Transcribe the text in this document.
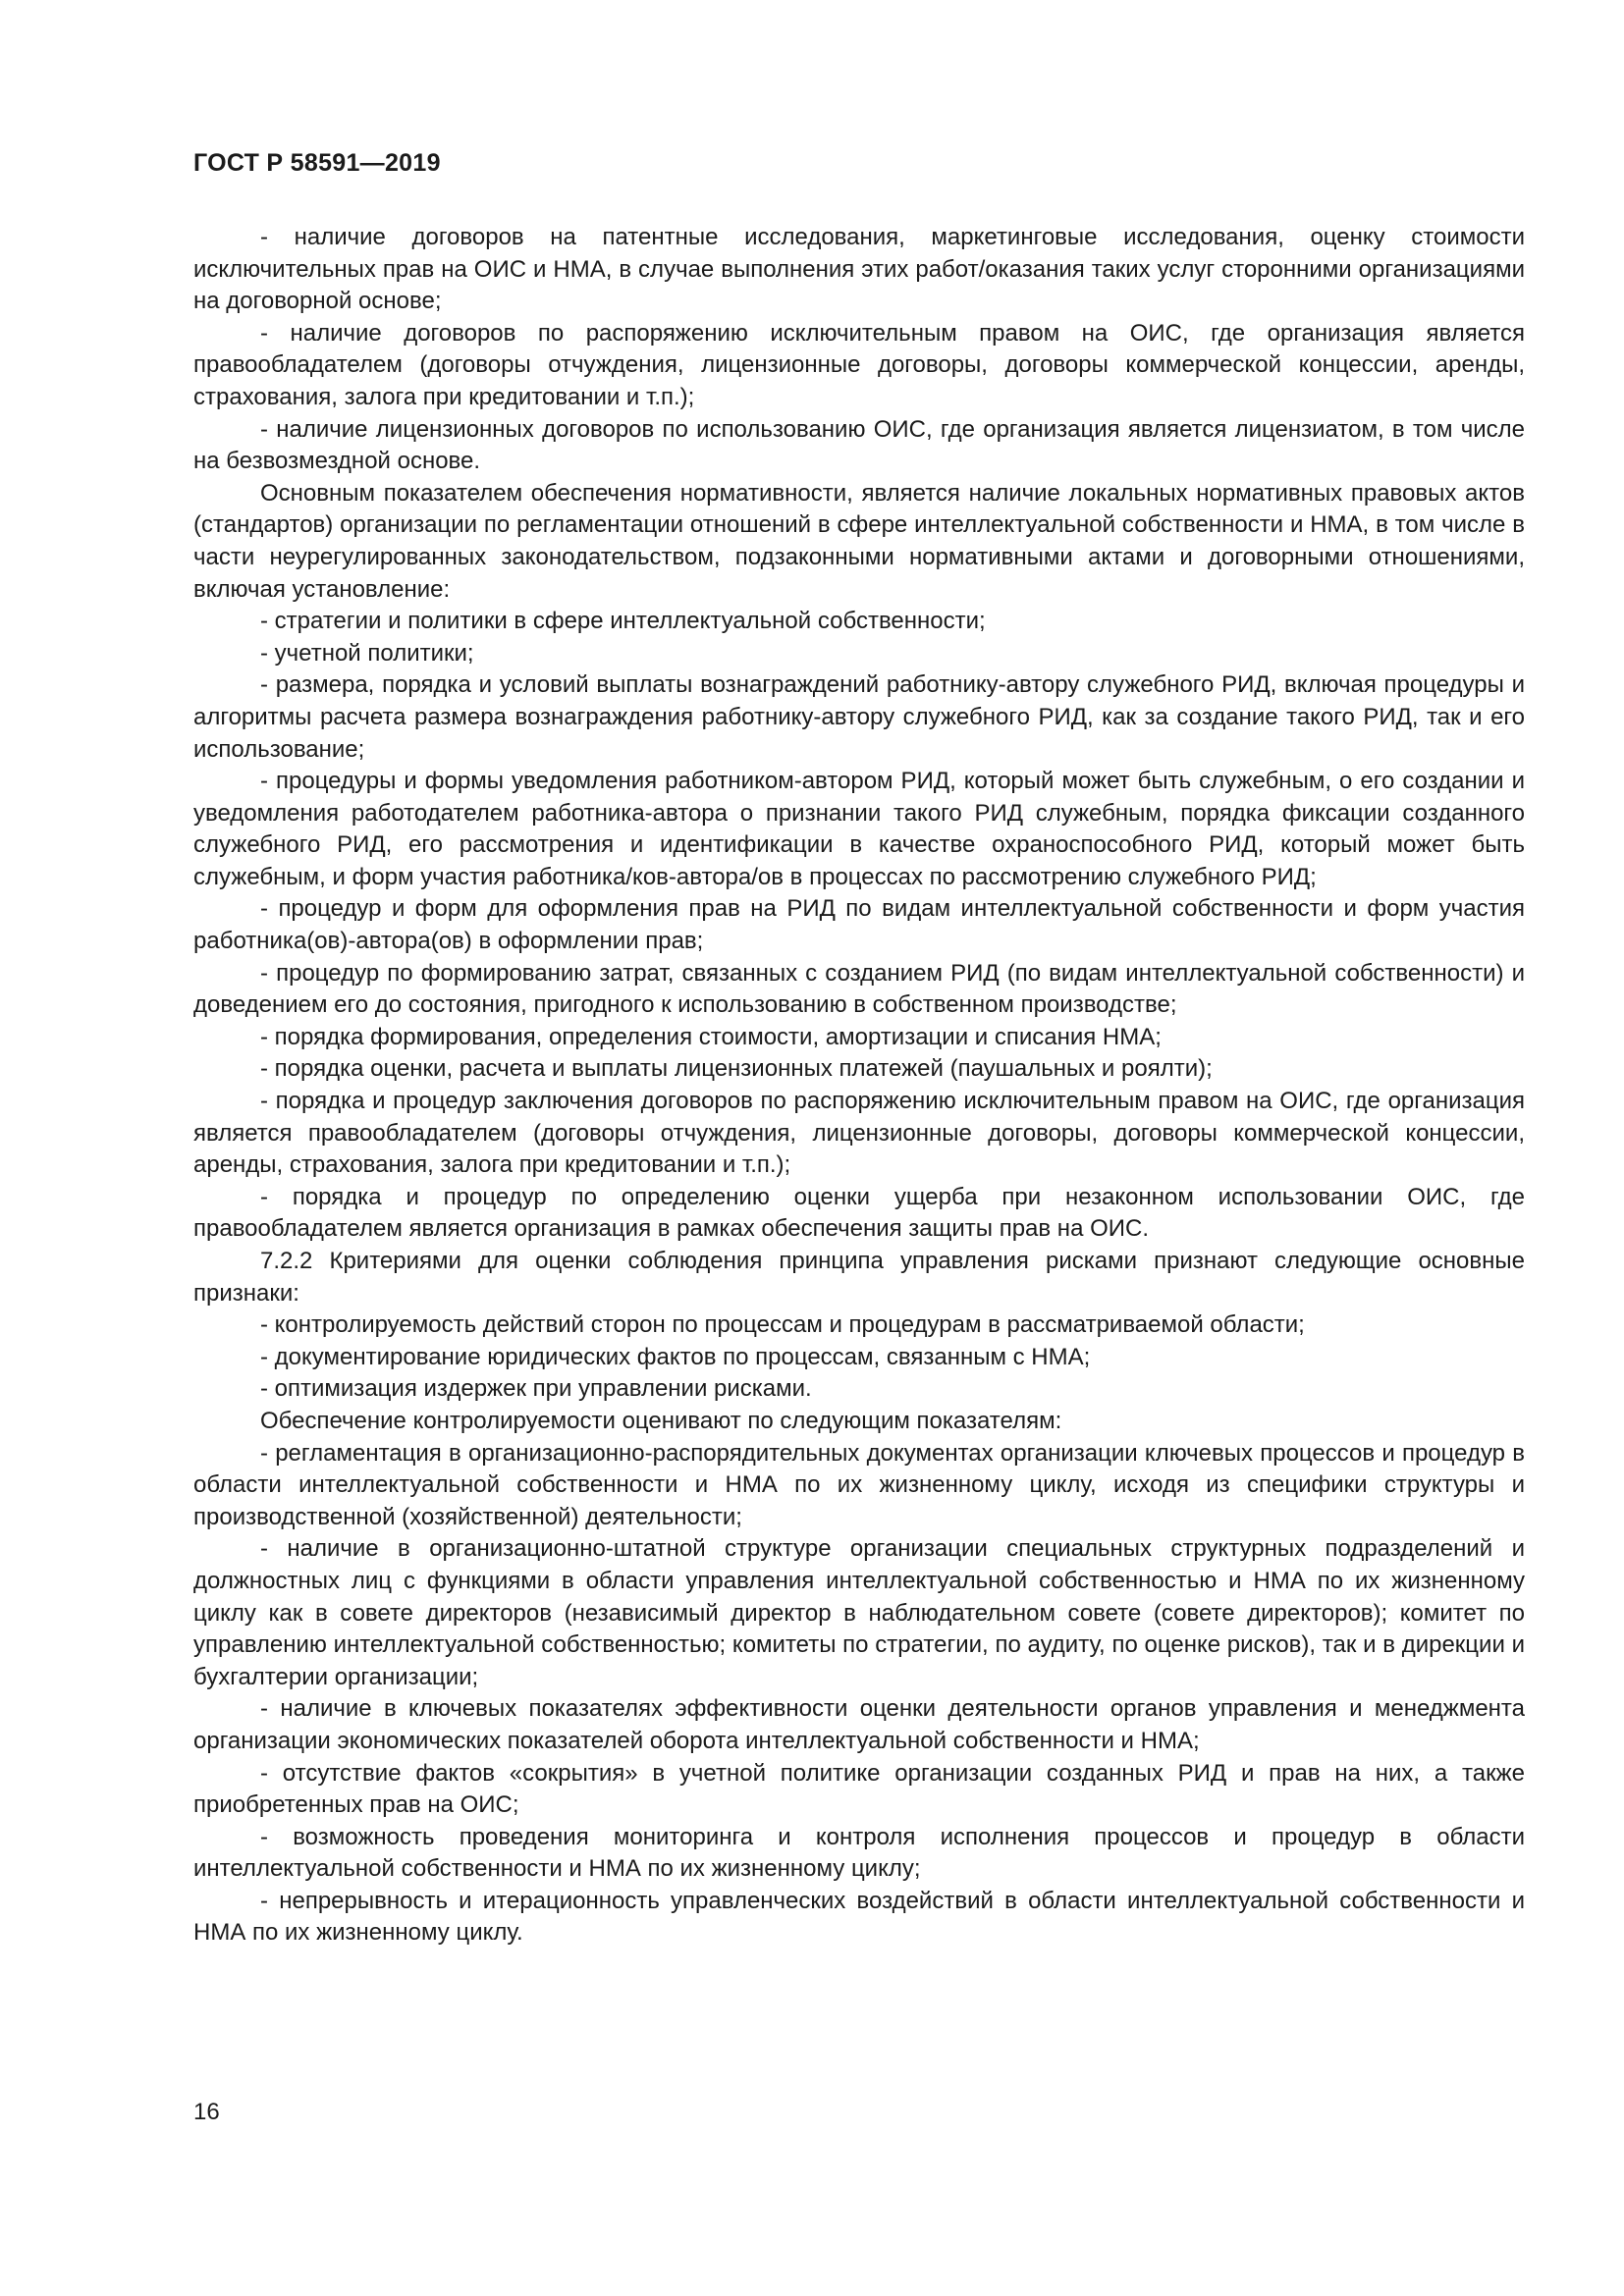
ГОСТ Р 58591—2019

- наличие договоров на патентные исследования, маркетинговые исследования, оценку стоимости исключительных прав на ОИС и НМА, в случае выполнения этих работ/оказания таких услуг сторонними организациями на договорной основе;

- наличие договоров по распоряжению исключительным правом на ОИС, где организация является правообладателем (договоры отчуждения, лицензионные договоры, договоры коммерческой концессии, аренды, страхования, залога при кредитовании и т.п.);

- наличие лицензионных договоров по использованию ОИС, где организация является лицензиатом, в том числе на безвозмездной основе.

Основным показателем обеспечения нормативности, является наличие локальных нормативных правовых актов (стандартов) организации по регламентации отношений в сфере интеллектуальной собственности и НМА, в том числе в части неурегулированных законодательством, подзаконными нормативными актами и договорными отношениями, включая установление:

- стратегии и политики в сфере интеллектуальной собственности;

- учетной политики;

- размера, порядка и условий выплаты вознаграждений работнику-автору служебного РИД, включая процедуры и алгоритмы расчета размера вознаграждения работнику-автору служебного РИД, как за создание такого РИД, так и его использование;

- процедуры и формы уведомления работником-автором РИД, который может быть служебным, о его создании и уведомления работодателем работника-автора о признании такого РИД служебным, порядка фиксации созданного служебного РИД, его рассмотрения и идентификации в качестве охраноспособного РИД, который может быть служебным, и форм участия работника/ков-автора/ов в процессах по рассмотрению служебного РИД;

- процедур и форм для оформления прав на РИД по видам интеллектуальной собственности и форм участия работника(ов)-автора(ов) в оформлении прав;

- процедур по формированию затрат, связанных с созданием РИД (по видам интеллектуальной собственности) и доведением его до состояния, пригодного к использованию в собственном производстве;

- порядка формирования, определения стоимости, амортизации и списания НМА;

- порядка оценки, расчета и выплаты лицензионных платежей (паушальных и роялти);

- порядка и процедур заключения договоров по распоряжению исключительным правом на ОИС, где организация является правообладателем (договоры отчуждения, лицензионные договоры, договоры коммерческой концессии, аренды, страхования, залога при кредитовании и т.п.);

- порядка и процедур по определению оценки ущерба при незаконном использовании ОИС, где правообладателем является организация в рамках обеспечения защиты прав на ОИС.

7.2.2 Критериями для оценки соблюдения принципа управления рисками признают следующие основные признаки:

- контролируемость действий сторон по процессам и процедурам в рассматриваемой области;

- документирование юридических фактов по процессам, связанным с НМА;

- оптимизация издержек при управлении рисками.

Обеспечение контролируемости оценивают по следующим показателям:

- регламентация в организационно-распорядительных документах организации ключевых процессов и процедур в области интеллектуальной собственности и НМА по их жизненному циклу, исходя из специфики структуры и производственной (хозяйственной) деятельности;

- наличие в организационно-штатной структуре организации специальных структурных подразделений и должностных лиц с функциями в области управления интеллектуальной собственностью и НМА по их жизненному циклу как в совете директоров (независимый директор в наблюдательном совете (совете директоров); комитет по управлению интеллектуальной собственностью; комитеты по стратегии, по аудиту, по оценке рисков), так и в дирекции и бухгалтерии организации;

- наличие в ключевых показателях эффективности оценки деятельности органов управления и менеджмента организации экономических показателей оборота интеллектуальной собственности и НМА;

- отсутствие фактов «сокрытия» в учетной политике организации созданных РИД и прав на них, а также приобретенных прав на ОИС;

- возможность проведения мониторинга и контроля исполнения процессов и процедур в области интеллектуальной собственности и НМА по их жизненному циклу;

- непрерывность и итерационность управленческих воздействий в области интеллектуальной собственности и НМА по их жизненному циклу.

16
